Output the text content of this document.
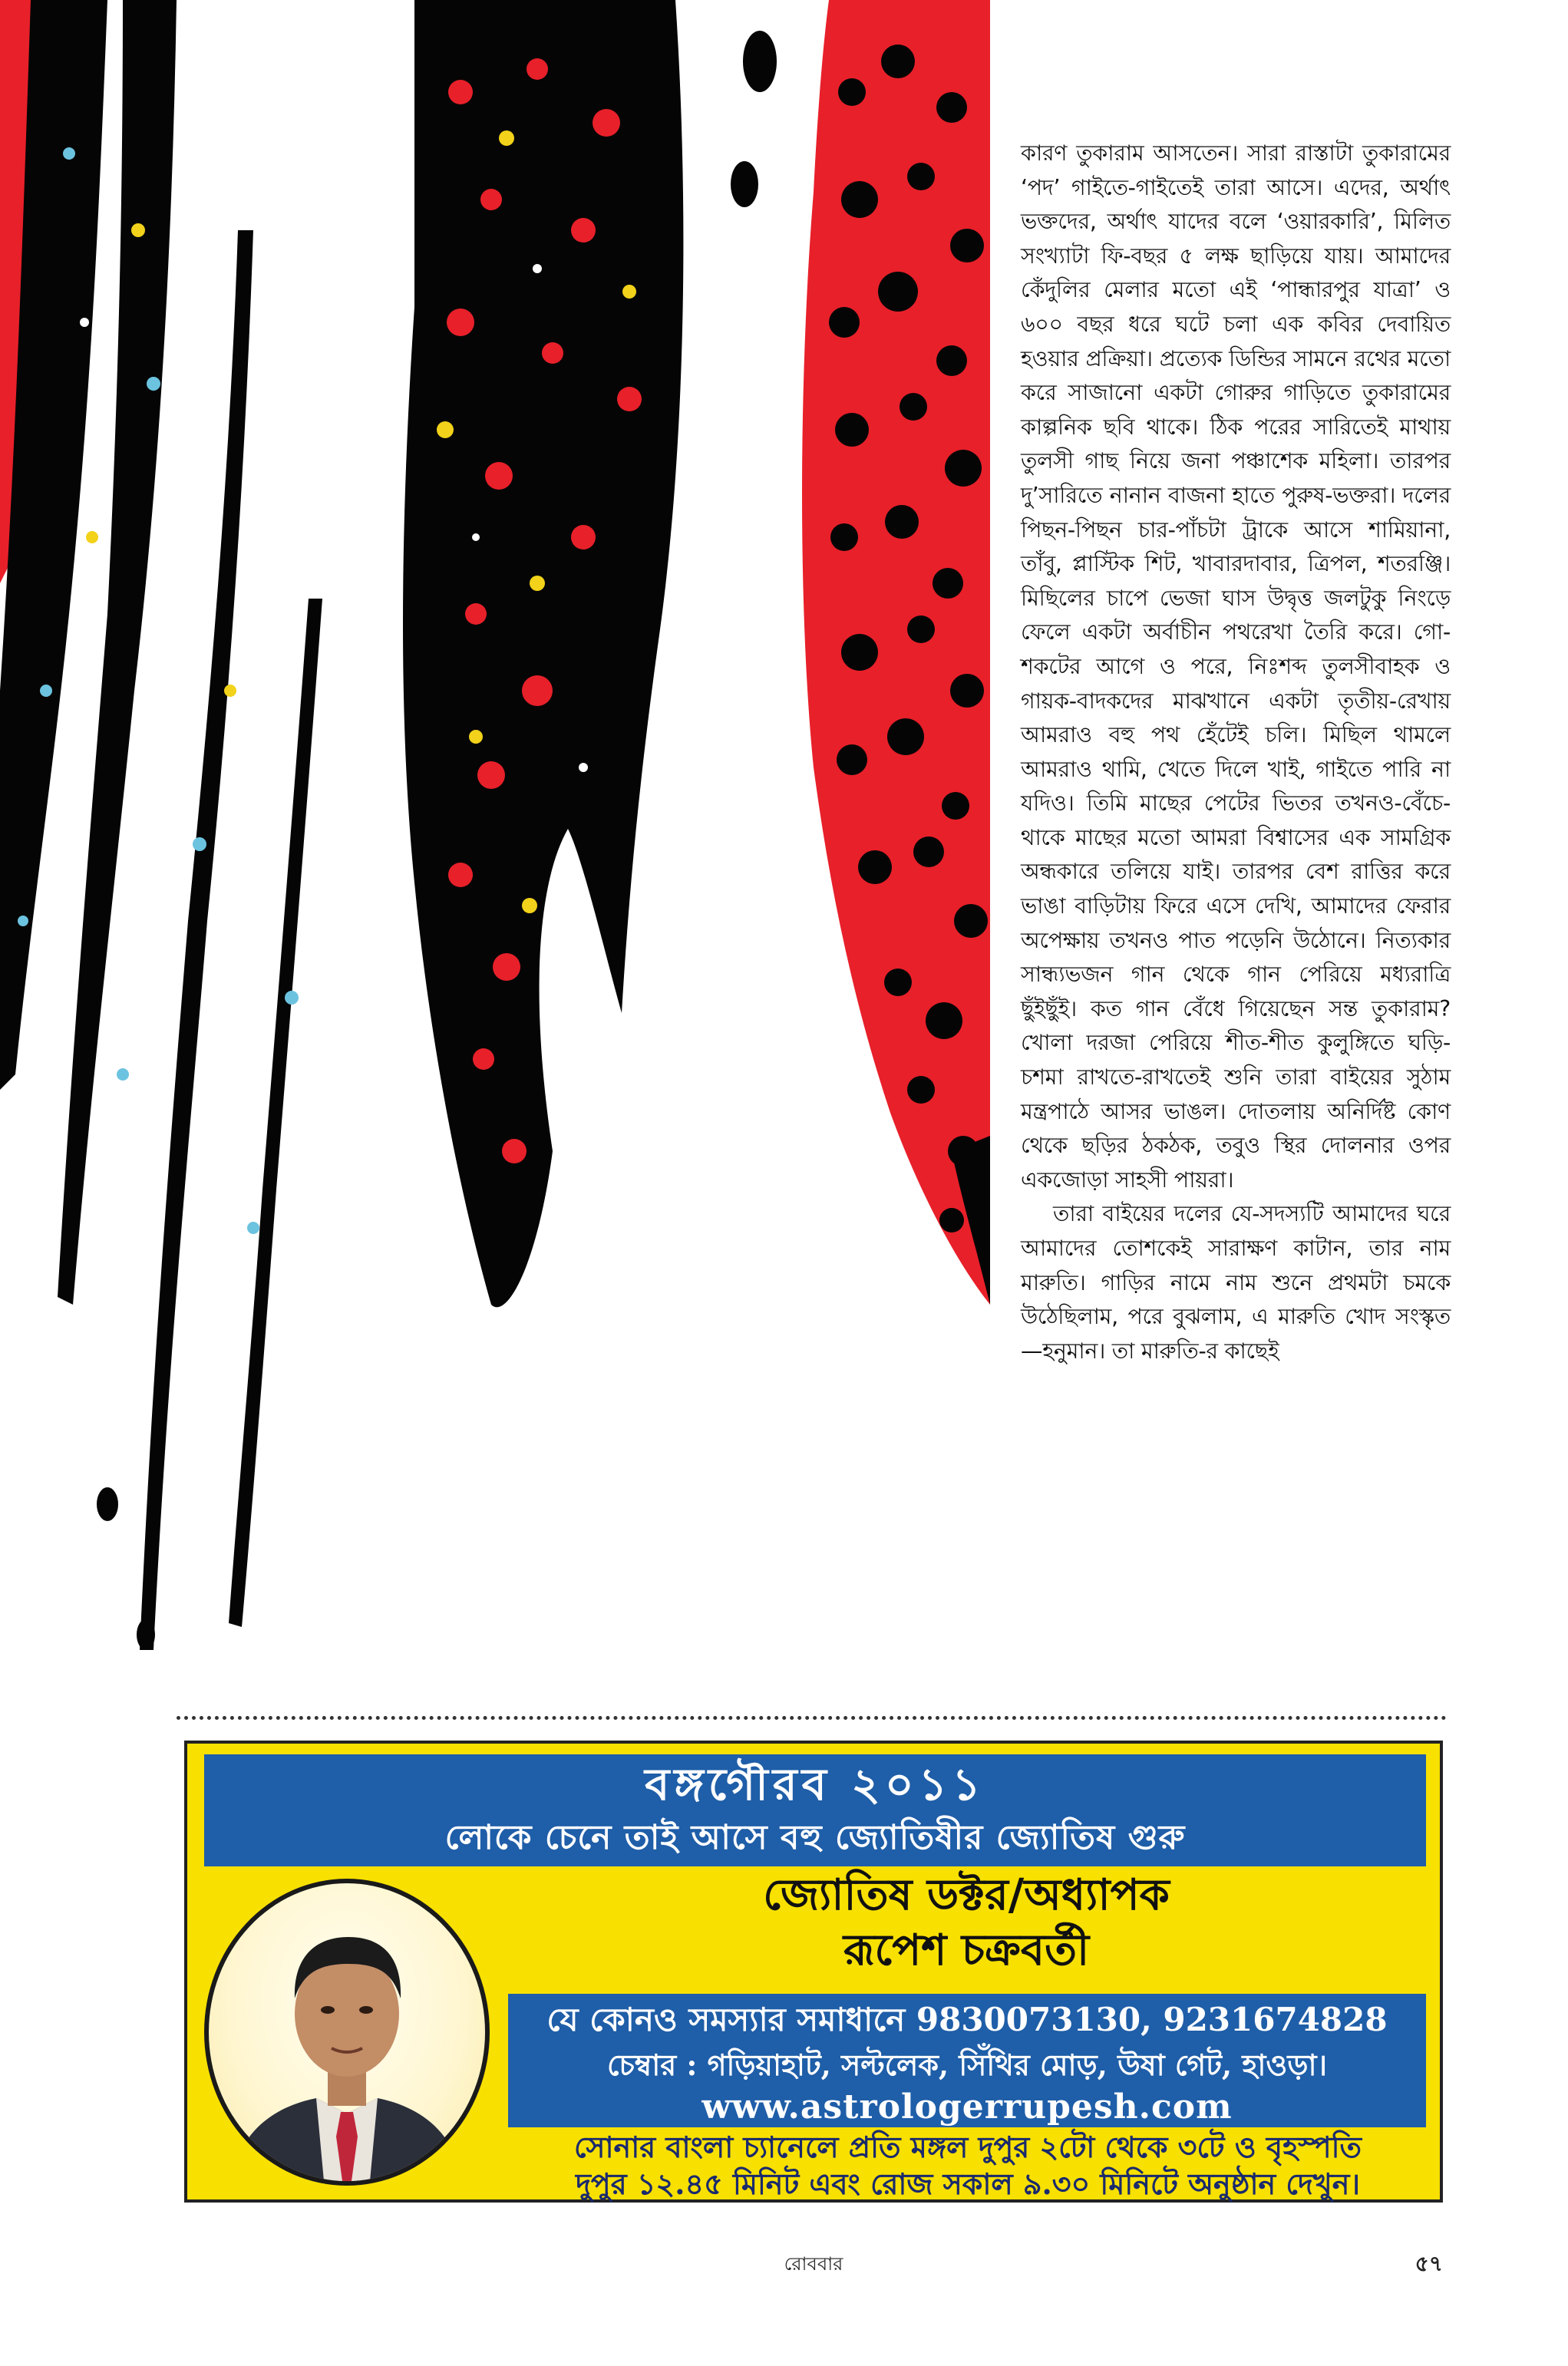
কারণ তুকারাম আসতেন। সারা রাস্তাটা তুকারামের ‘পদ’ গাইতে-গাইতেই তারা আসে। এদের, অর্থাৎ ভক্তদের, অর্থাৎ যাদের বলে ‘ওয়ারকারি’, মিলিত সংখ্যাটা ফি-বছর ৫ লক্ষ ছাড়িয়ে যায়। আমাদের কেঁদুলির মেলার মতো এই ‘পান্ধারপুর যাত্রা’ ও ৬০০ বছর ধরে ঘটে চলা এক কবির দেবায়িত হওয়ার প্রক্রিয়া। প্রত্যেক ডিন্ডির সামনে রথের মতো করে সাজানো একটা গোরুর গাড়িতে তুকারামের কাল্পনিক ছবি থাকে। ঠিক পরের সারিতেই মাথায় তুলসী গাছ নিয়ে জনা পঞ্চাশেক মহিলা। তারপর দু’সারিতে নানান বাজনা হাতে পুরুষ-ভক্তরা। দলের পিছন-পিছন চার-পাঁচটা ট্রাকে আসে শামিয়ানা, তাঁবু, প্লাস্টিক শিট, খাবারদাবার, ত্রিপল, শতরঞ্জি। মিছিলের চাপে ভেজা ঘাস উদ্বৃত্ত জলটুকু নিংড়ে ফেলে একটা অর্বাচীন পথরেখা তৈরি করে। গো-শকটের আগে ও পরে, নিঃশব্দ তুলসীবাহক ও গায়ক-বাদকদের মাঝখানে একটা তৃতীয়-রেখায় আমরাও বহু পথ হেঁটেই চলি। মিছিল থামলে আমরাও থামি, খেতে দিলে খাই, গাইতে পারি না যদিও। তিমি মাছের পেটের ভিতর তখনও-বেঁচে-থাকে মাছের মতো আমরা বিশ্বাসের এক সামগ্রিক অন্ধকারে তলিয়ে যাই। তারপর বেশ রাত্তির করে ভাঙা বাড়িটায় ফিরে এসে দেখি, আমাদের ফেরার অপেক্ষায় তখনও পাত পড়েনি উঠোনে। নিত্যকার সান্ধ্যভজন গান থেকে গান পেরিয়ে মধ্যরাত্রি ছুঁইছুঁই। কত গান বেঁধে গিয়েছেন সন্ত তুকারাম? খোলা দরজা পেরিয়ে শীত-শীত কুলুঙ্গিতে ঘড়ি-চশমা রাখতে-রাখতেই শুনি তারা বাইয়ের সুঠাম মন্ত্রপাঠে আসর ভাঙল। দোতলায় অনির্দিষ্ট কোণ থেকে ছড়ির ঠকঠক, তবুও স্থির দোলনার ওপর একজোড়া সাহসী পায়রা।

তারা বাইয়ের দলের যে-সদস্যটি আমাদের ঘরে আমাদের তোশকেই সারাক্ষণ কাটান, তার নাম মারুতি। গাড়ির নামে নাম শুনে প্রথমটা চমকে উঠেছিলাম, পরে বুঝলাম, এ মারুতি খোদ সংস্কৃত—হনুমান। তা মারুতি-র কাছেই

বঙ্গগৌরব ২০১১
লোকে চেনে তাই আসে বহু জ্যোতিষীর জ্যোতিষ গুরু
জ্যোতিষ ডক্টর/অধ্যাপক
রূপেশ চক্রবর্তী
যে কোনও সমস্যার সমাধানে 9830073130, 9231674828
চেম্বার : গড়িয়াহাট, সল্টলেক, সিঁথির মোড়, উষা গেট, হাওড়া।
www.astrologerrupesh.com
সোনার বাংলা চ্যানেলে প্রতি মঙ্গল দুপুর ২টো থেকে ৩টে ও বৃহস্পতি
দুপুর ১২.৪৫ মিনিট এবং রোজ সকাল ৯.৩০ মিনিটে অনুষ্ঠান দেখুন।
রোববার	৫৭
